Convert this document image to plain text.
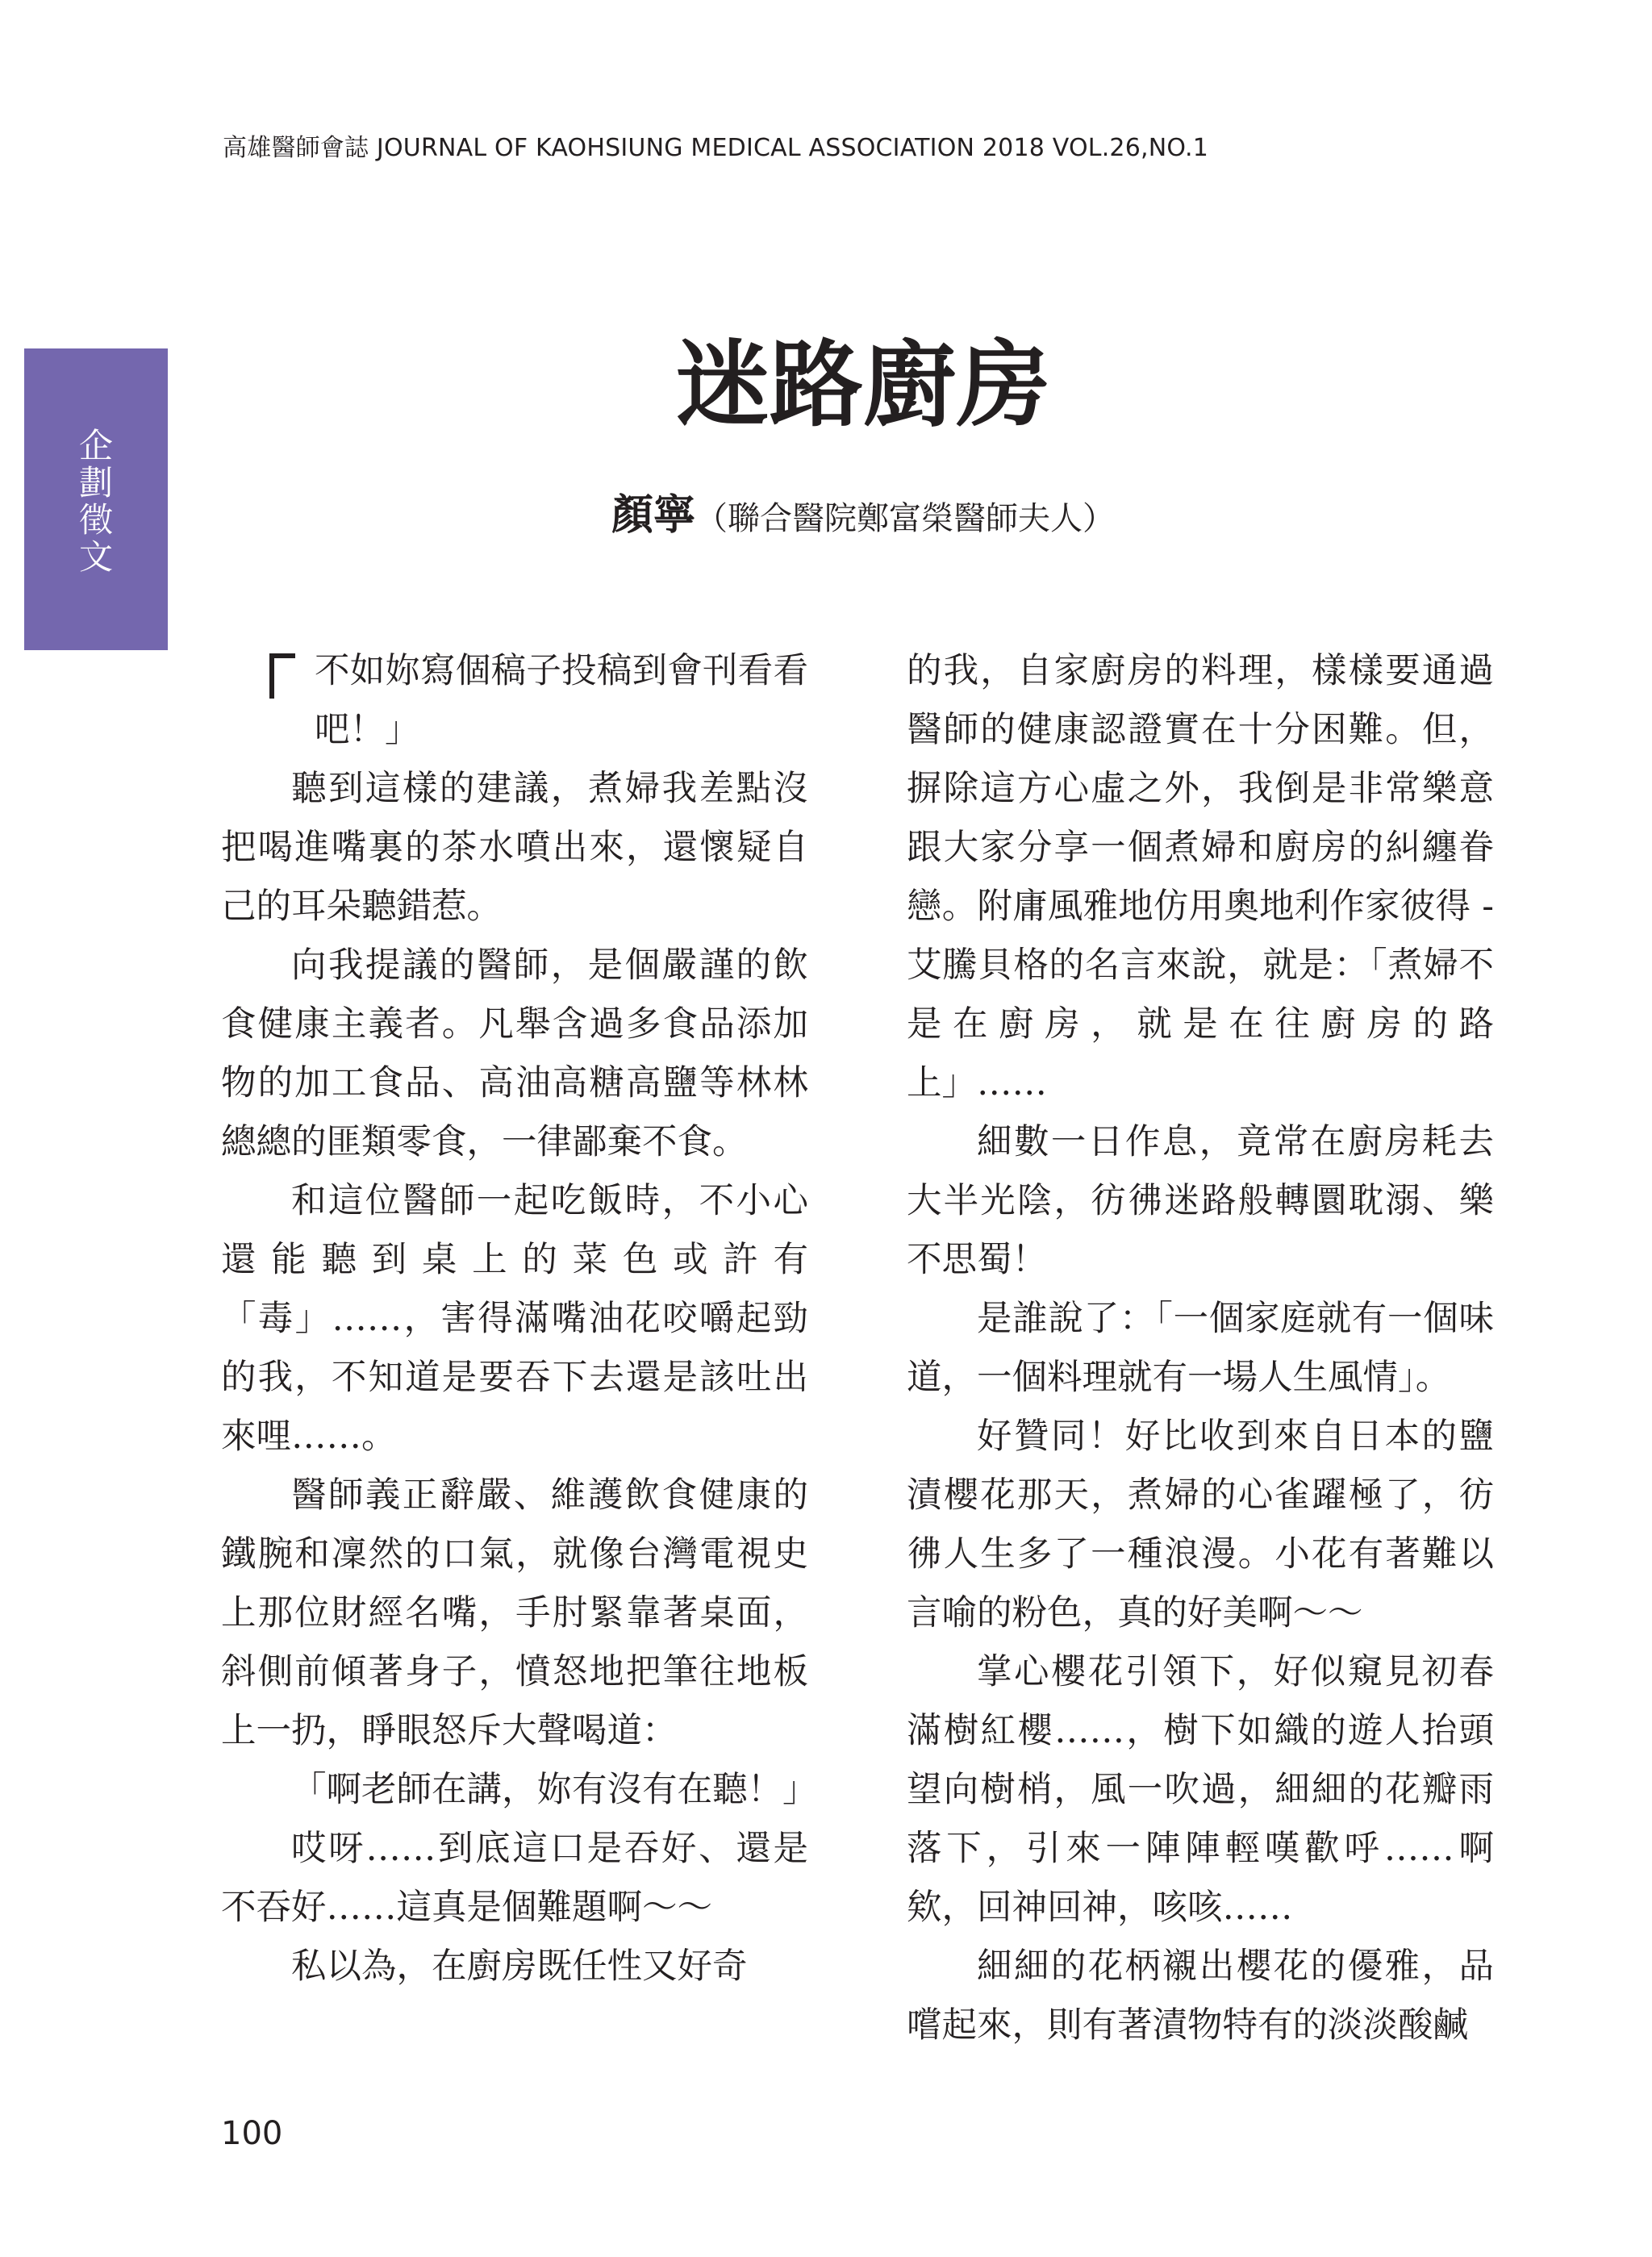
高雄醫師會誌 JOURNAL OF KAOHSIUNG MEDICAL ASSOCIATION 2018 VOL.26,NO.1
企劃徵文
迷路廚房
顏寧（聯合醫院鄭富榮醫師夫人）

不如妳寫個稿子投稿到會刊看看吧！」

聽到這樣的建議，煮婦我差點沒把喝進嘴裏的茶水噴出來，還懷疑自己的耳朵聽錯惹。

向我提議的醫師，是個嚴謹的飲食健康主義者。凡舉含過多食品添加物的加工食品、高油高糖高鹽等林林總總的匪類零食，一律鄙棄不食。

和這位醫師一起吃飯時，不小心還能聽到桌上的菜色或許有「毒」……，害得滿嘴油花咬嚼起勁的我，不知道是要吞下去還是該吐出來哩……。

醫師義正辭嚴、維護飲食健康的鐵腕和凜然的口氣，就像台灣電視史上那位財經名嘴，手肘緊靠著桌面，斜側前傾著身子，憤怒地把筆往地板上一扔，睜眼怒斥大聲喝道：

「啊老師在講，妳有沒有在聽！」

哎呀……到底這口是吞好、還是不吞好……這真是個難題啊～～

私以為，在廚房既任性又好奇

的我，自家廚房的料理，樣樣要通過醫師的健康認證實在十分困難。但，摒除這方心虛之外，我倒是非常樂意跟大家分享一個煮婦和廚房的糾纏眷戀。附庸風雅地仿用奧地利作家彼得 - 艾騰貝格的名言來說，就是：「煮婦不是在廚房，就是在往廚房的路上」……

細數一日作息，竟常在廚房耗去大半光陰，彷彿迷路般轉圜耽溺、樂不思蜀！

是誰說了：「一個家庭就有一個味道，一個料理就有一場人生風情」。

好贊同！好比收到來自日本的鹽漬櫻花那天，煮婦的心雀躍極了，彷彿人生多了一種浪漫。小花有著難以言喻的粉色，真的好美啊～～

掌心櫻花引領下，好似窺見初春滿樹紅櫻……，樹下如織的遊人抬頭望向樹梢，風一吹過，細細的花瓣雨落下，引來一陣陣輕嘆歡呼……啊欸，回神回神，咳咳……

細細的花柄襯出櫻花的優雅，品嚐起來，則有著漬物特有的淡淡酸鹹

100
